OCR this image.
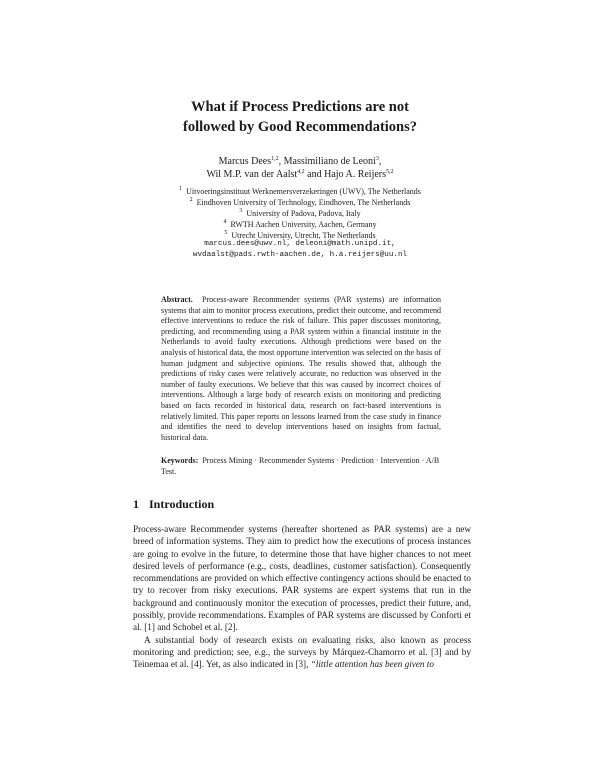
What if Process Predictions are not
followed by Good Recommendations?
Marcus Dees$^{1,2}$, Massimiliano de Leoni$^3$,
Wil M.P. van der Aalst$^{4,2}$ and Hajo A. Reijers$^{5,2}$
$^1$ Uitvoeringsinstituut Werknemersverzekeringen (UWV), The Netherlands
$^2$ Eindhoven University of Technology, Eindhoven, The Netherlands
$^3$ University of Padova, Padova, Italy
$^4$ RWTH Aachen University, Aachen, Germany
$^5$ Utrecht University, Utrecht, The Netherlands
marcus.dees@uwv.nl, deleoni@math.unipd.it,
wvdaalst@pads.rwth-aachen.de, h.a.reijers@uu.nl
Abstract. Process-aware Recommender systems (PAR systems) are information systems that aim to monitor process executions, predict their outcome, and recommend effective interventions to reduce the risk of failure. This paper discusses monitoring, predicting, and recommending using a PAR system within a financial institute in the Netherlands to avoid faulty executions. Although predictions were based on the analysis of historical data, the most opportune intervention was selected on the basis of human judgment and subjective opinions. The results showed that, although the predictions of risky cases were relatively accurate, no reduction was observed in the number of faulty executions. We believe that this was caused by incorrect choices of interventions. Although a large body of research exists on monitoring and predicting based on facts recorded in historical data, research on fact-based interventions is relatively limited. This paper reports on lessons learned from the case study in finance and identifies the need to develop interventions based on insights from factual, historical data.
Keywords: Process Mining · Recommender Systems · Prediction · Intervention · A/B Test.
1 Introduction

Process-aware Recommender systems (hereafter shortened as PAR systems) are a new breed of information systems. They aim to predict how the executions of process instances are going to evolve in the future, to determine those that have higher chances to not meet desired levels of performance (e.g., costs, deadlines, customer satisfaction). Consequently recommendations are provided on which effective contingency actions should be enacted to try to recover from risky executions. PAR systems are expert systems that run in the background and continuously monitor the execution of processes, predict their future, and, possibly, provide recommendations. Examples of PAR systems are discussed by Conforti et al. [1] and Schobel et al. [2].

A substantial body of research exists on evaluating risks, also known as process monitoring and prediction; see, e.g., the surveys by Márquez-Chamorro et al. [3] and by Teinemaa et al. [4]. Yet, as also indicated in [3], “little attention has been given to
